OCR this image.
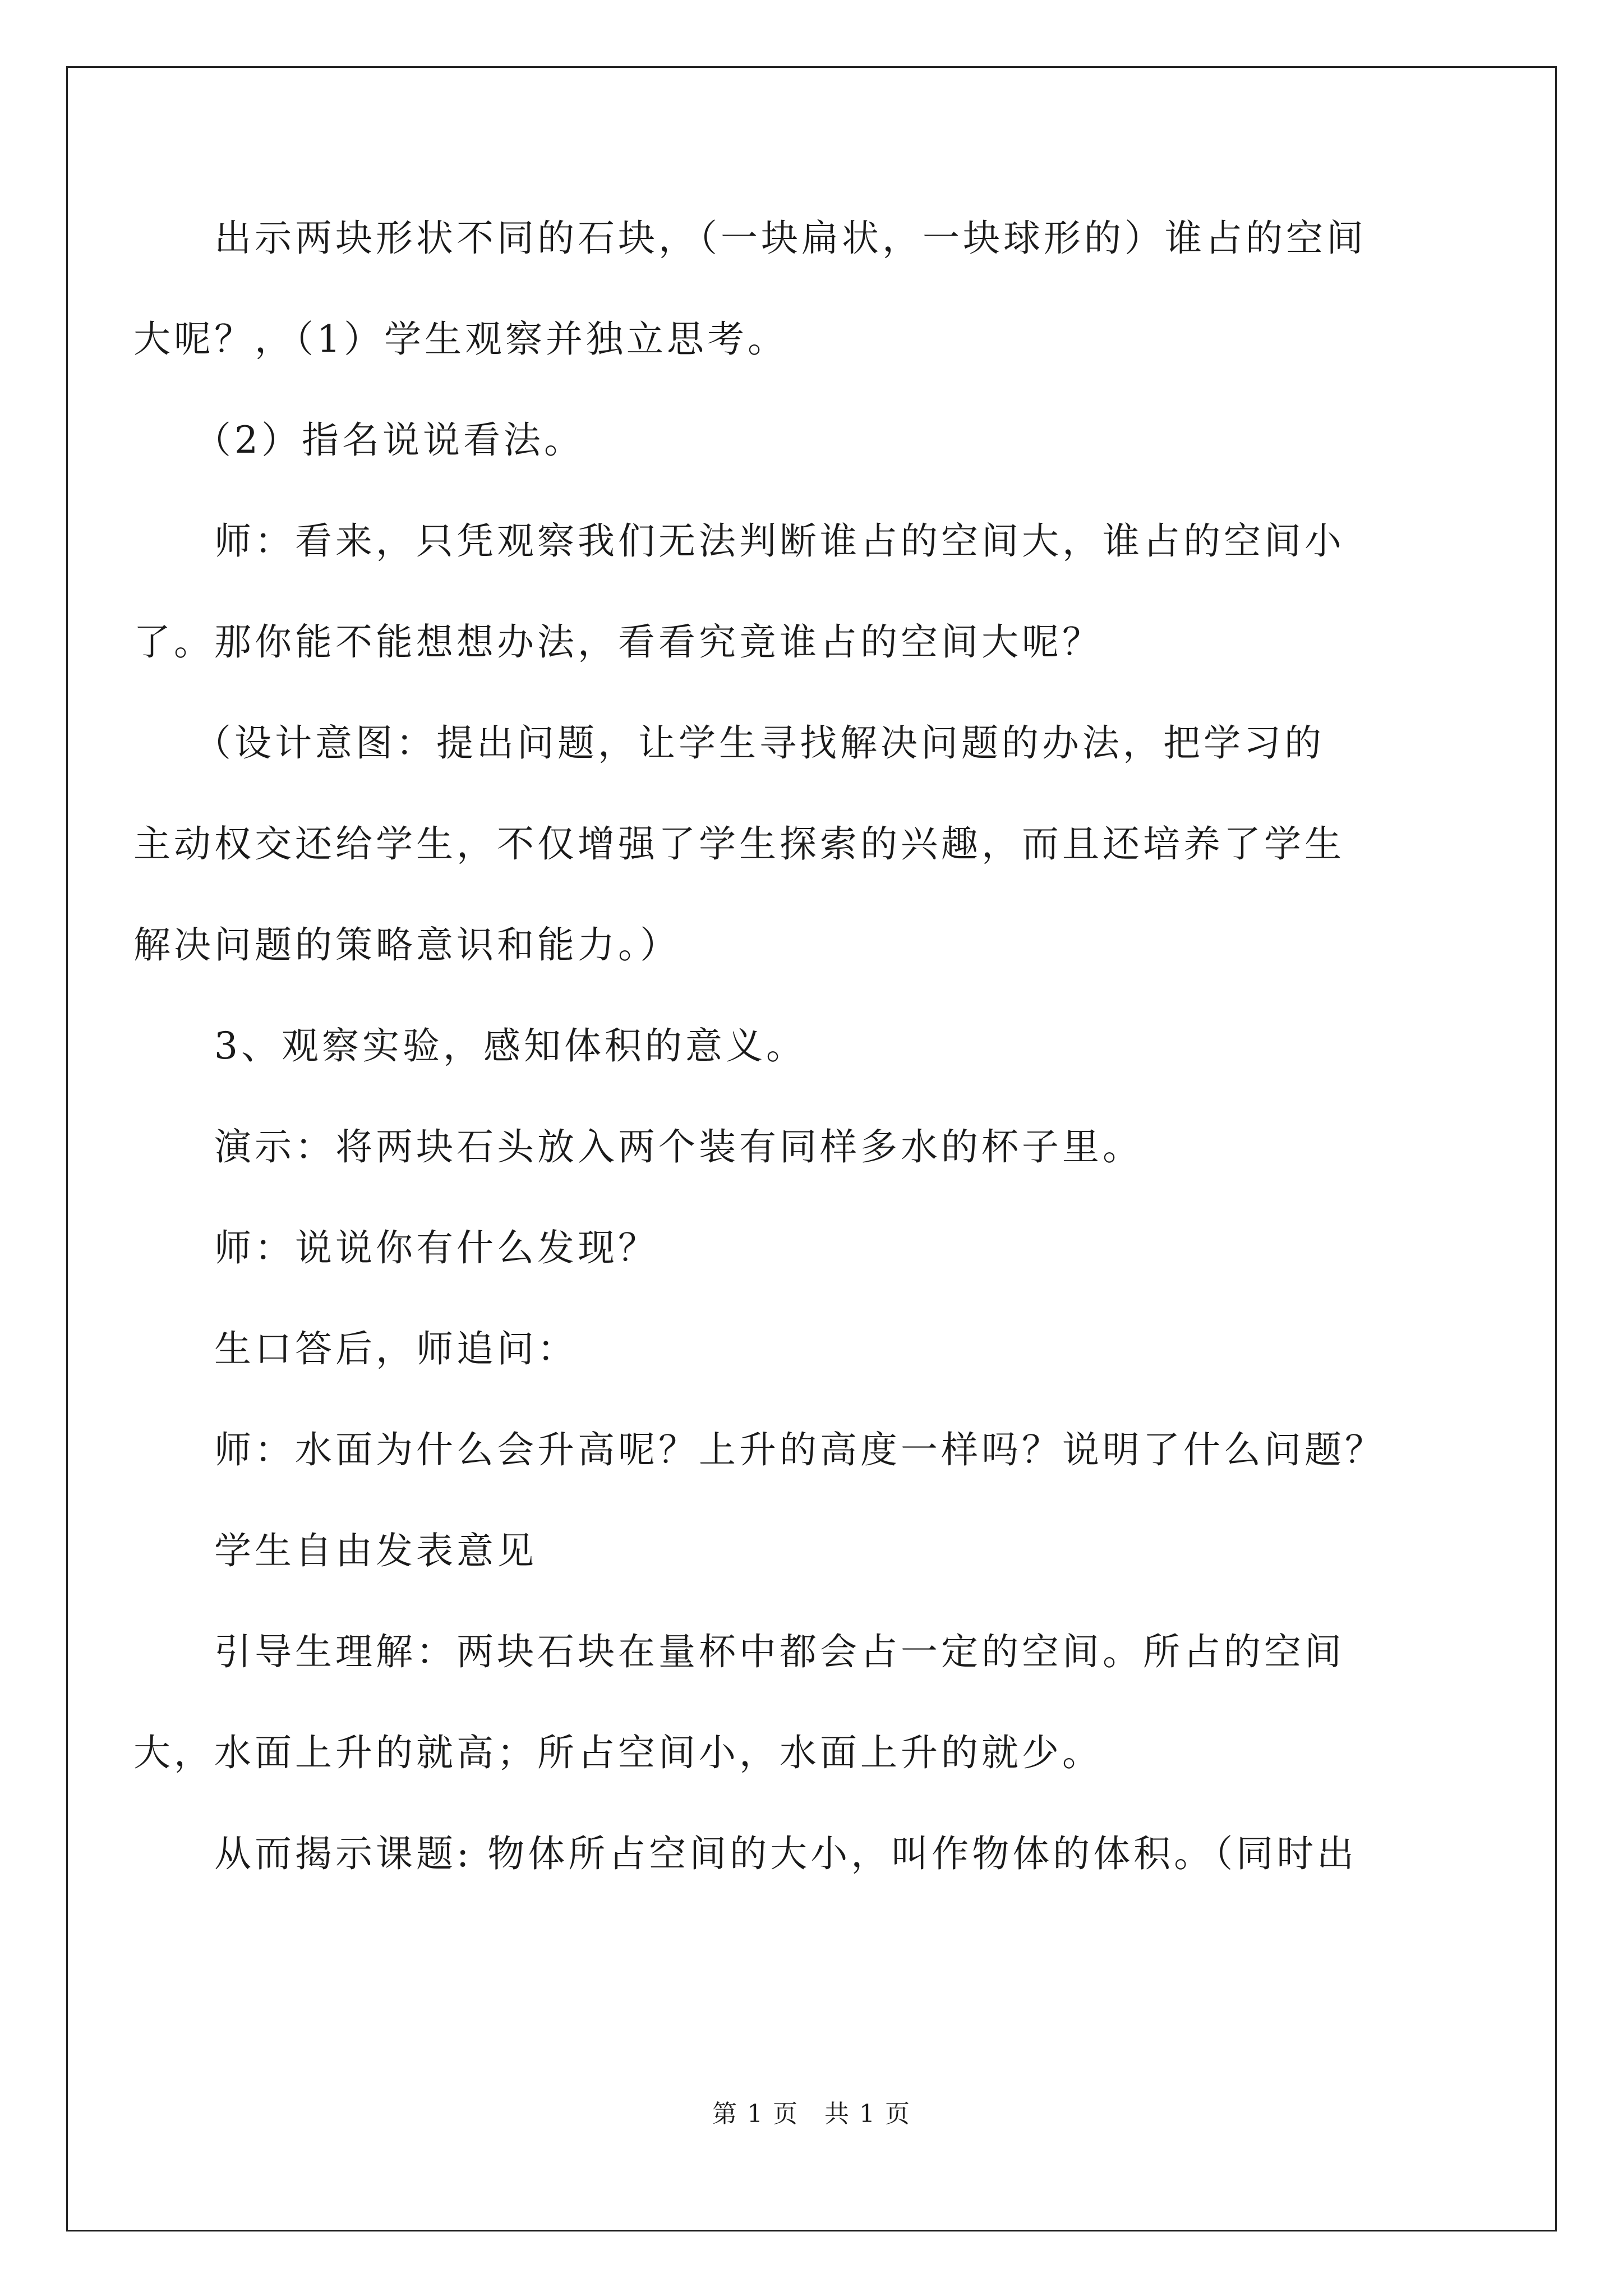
出示两块形状不同的石块，（一块扁状，一块球形的）谁占的空间
大呢？，（1）学生观察并独立思考。
（2）指名说说看法。
师：看来，只凭观察我们无法判断谁占的空间大，谁占的空间小
了。那你能不能想想办法，看看究竟谁占的空间大呢？
（设计意图：提出问题，让学生寻找解决问题的办法，把学习的
主动权交还给学生，不仅增强了学生探索的兴趣，而且还培养了学生
解决问题的策略意识和能力。）
3、观察实验，感知体积的意义。
演示：将两块石头放入两个装有同样多水的杯子里。
师：说说你有什么发现？
生口答后，师追问：
师：水面为什么会升高呢？上升的高度一样吗？说明了什么问题？
学生自由发表意见
引导生理解：两块石块在量杯中都会占一定的空间。所占的空间
大，水面上升的就高；所占空间小，水面上升的就少。
从而揭示课题: 物体所占空间的大小，叫作物体的体积。（同时出
第 1 页　共 1 页
